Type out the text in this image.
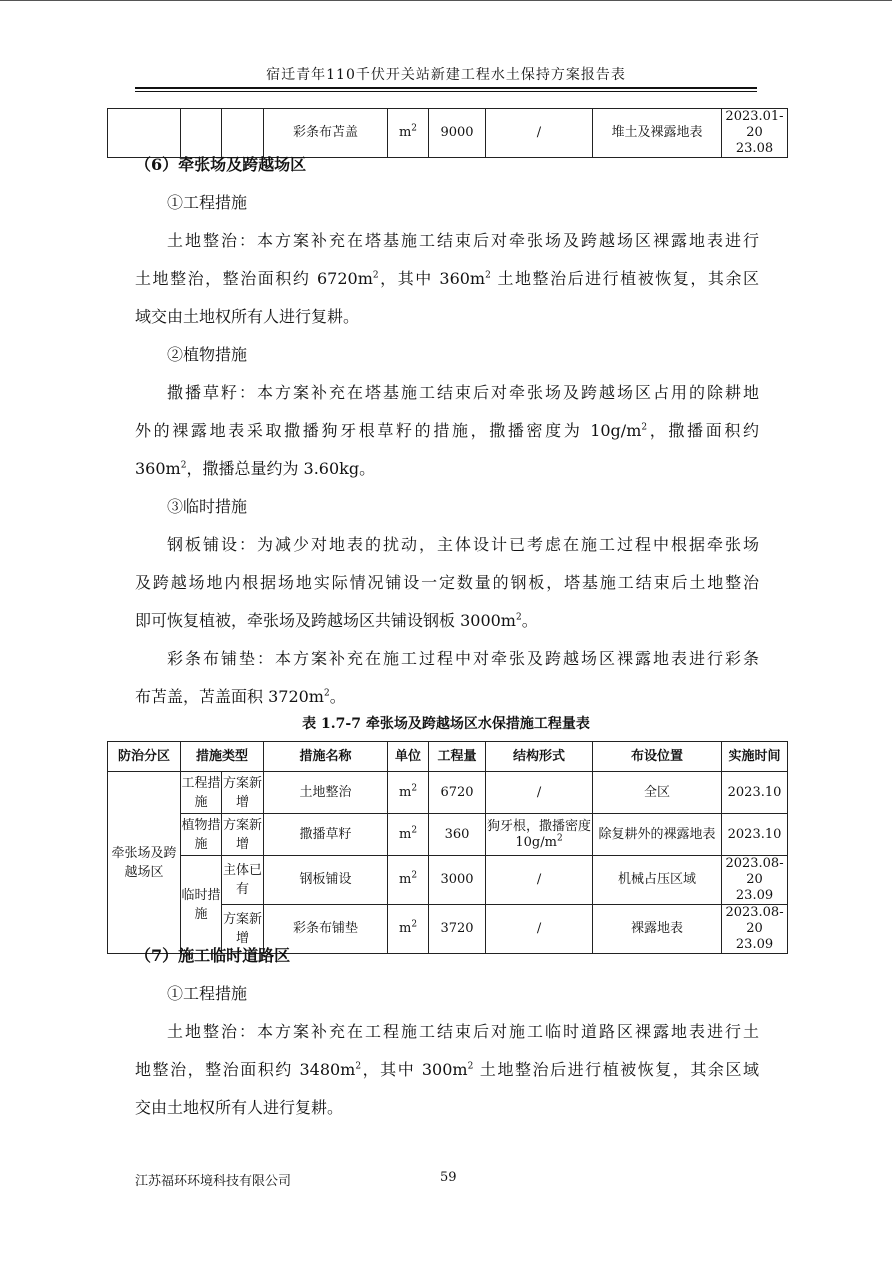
宿迁青年110千伏开关站新建工程水土保持方案报告表
			彩条布苫盖	$m^2$	9000	/	堆土及裸露地表	
2023.01-20
23.08
（6）牵张场及跨越场区
①工程措施
土地整治：本方案补充在塔基施工结束后对牵张场及跨越场区裸露地表进行
土地整治，整治面积约 $6720m^2$，其中 $360m^2$ 土地整治后进行植被恢复，其余区
域交由土地权所有人进行复耕。
②植物措施
撒播草籽：本方案补充在塔基施工结束后对牵张场及跨越场区占用的除耕地
外的裸露地表采取撒播狗牙根草籽的措施，撒播密度为 $10g/m^2$，撒播面积约
$360m^2$，撒播总量约为 3.60kg。
③临时措施
钢板铺设：为减少对地表的扰动，主体设计已考虑在施工过程中根据牵张场
及跨越场地内根据场地实际情况铺设一定数量的钢板，塔基施工结束后土地整治
即可恢复植被，牵张场及跨越场区共铺设钢板 $3000m^2$。
彩条布铺垫：本方案补充在施工过程中对牵张及跨越场区裸露地表进行彩条
布苫盖，苫盖面积 $3720m^2$。
表 1.7-7 牵张场及跨越场区水保措施工程量表
防治分区	措施类型		措施名称	单位	工程量	结构形式	布设位置	实施时间
牵张场及跨越场区	工程措施	方案新增	土地整治	$m^2$	6720	/	全区	2023.10

	植物措施	方案新增	撒播草籽	$m^2$	360	狗牙根，撒播密度 $10g/m^2$	除复耕外的裸露地表	2023.10

	临时措施	主体已有	钢板铺设	$m^2$	3000	/	机械占压区域	2023.08-20
23.09

		方案新增	彩条布铺垫	$m^2$	3720	/	裸露地表	2023.08-20
23.09
（7）施工临时道路区
①工程措施
土地整治：本方案补充在工程施工结束后对施工临时道路区裸露地表进行土
地整治，整治面积约 $3480m^2$，其中 $300m^2$ 土地整治后进行植被恢复，其余区域
交由土地权所有人进行复耕。
江苏福环环境科技有限公司	59
